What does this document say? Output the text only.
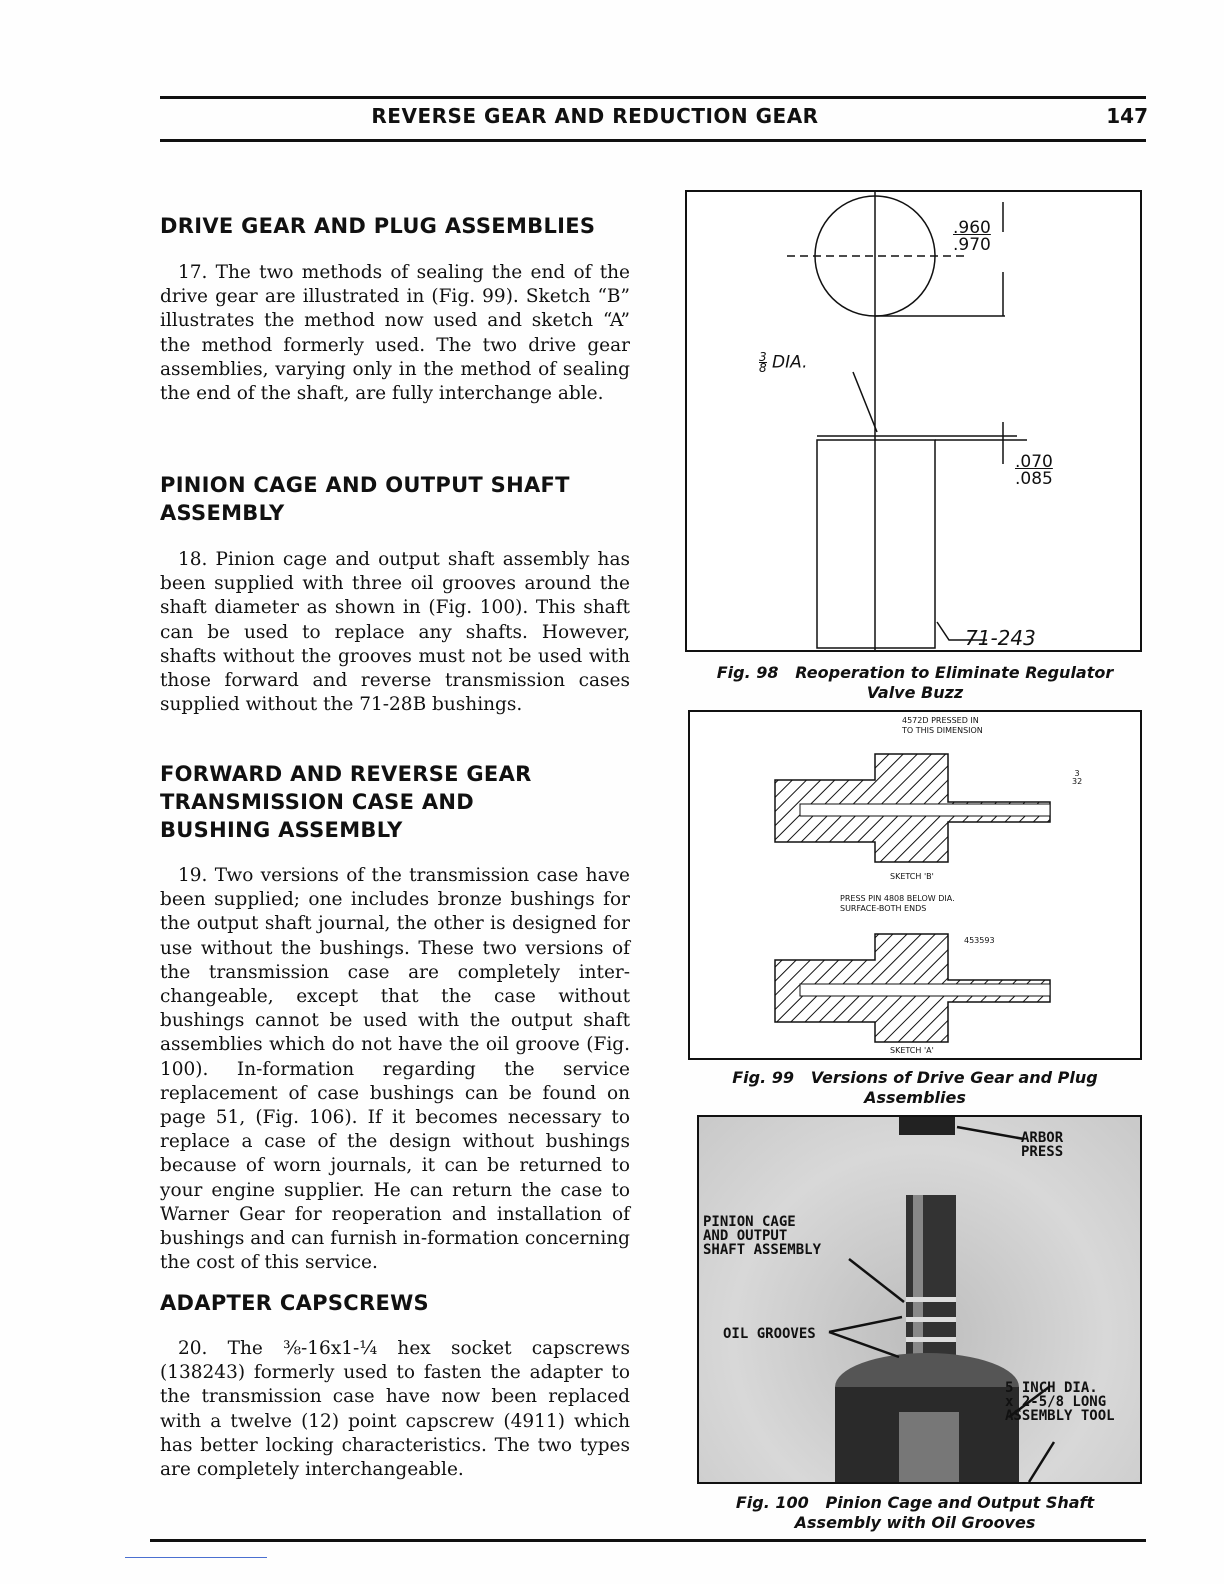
REVERSE GEAR AND REDUCTION GEAR	147
DRIVE GEAR AND PLUG ASSEMBLIES

17. The two methods of sealing the end of the drive gear are illustrated in (Fig. 99). Sketch “B” illustrates the method now used and sketch “A” the method formerly used. The two drive gear assemblies, varying only in the method of sealing the end of the shaft, are fully interchange able.

PINION CAGE AND OUTPUT SHAFT ASSEMBLY

18. Pinion cage and output shaft assembly has been supplied with three oil grooves around the shaft diameter as shown in (Fig. 100). This shaft can be used to replace any shafts. However, shafts without the grooves must not be used with those forward and reverse transmission cases supplied without the 71-28B bushings.

FORWARD AND REVERSE GEAR TRANSMISSION CASE AND BUSHING ASSEMBLY

19. Two versions of the transmission case have been supplied; one includes bronze bushings for the output shaft journal, the other is designed for use without the bushings. These two versions of the transmission case are completely inter-changeable, except that the case without bushings cannot be used with the output shaft assemblies which do not have the oil groove (Fig. 100). In-formation regarding the service replacement of case bushings can be found on page 51, (Fig. 106). If it becomes necessary to replace a case of the design without bushings because of worn journals, it can be returned to your engine supplier. He can return the case to Warner Gear for reoperation and installation of bushings and can furnish in-formation concerning the cost of this service.

ADAPTER CAPSCREWS

20. The ⅜-16x1-¼ hex socket capscrews (138243) formerly used to fasten the adapter to the transmission case have now been replaced with a twelve (12) point capscrew (4911) which has better locking characteristics. The two types are completely interchangeable.

.960
.970
$\frac{3}{8}$ DIA.
.070
.085
71-243
Fig. 98 Reoperation to Eliminate Regulator Valve Buzz
4572D PRESSED IN
TO THIS DIMENSION
3
32
SKETCH 'B'
PRESS PIN 4808 BELOW DIA.
SURFACE-BOTH ENDS
453593
SKETCH 'A'
Fig. 99 Versions of Drive Gear and Plug Assemblies
ARBOR
PRESS
PINION CAGE
AND OUTPUT
SHAFT ASSEMBLY
OIL GROOVES
5 INCH DIA.
x 2-5/8 LONG
ASSEMBLY TOOL
Fig. 100 Pinion Cage and Output Shaft Assembly with Oil Grooves
